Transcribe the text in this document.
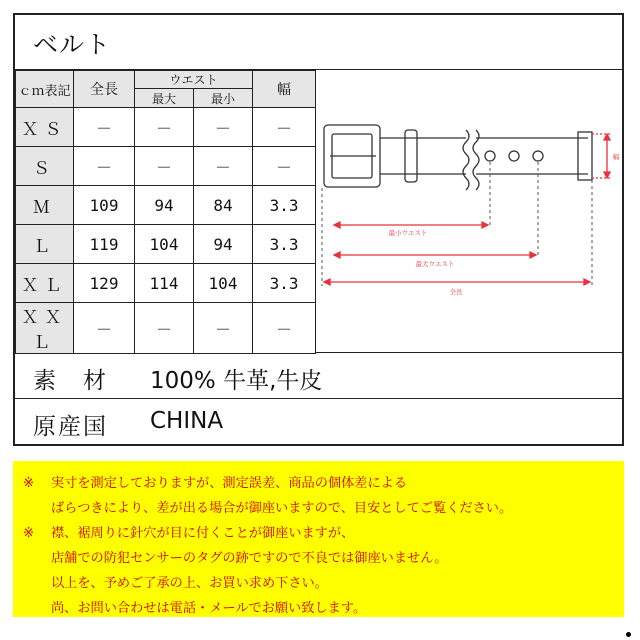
ベルト
ｃｍ表記	全長	ウエスト		幅
		最大	最小	
ＸＳ	－	－	－	－
Ｓ	－	－	－	－
Ｍ	109	94	84	3.3
Ｌ	119	104	94	3.3
ＸＬ	129	114	104	3.3
ＸＸＬ	－	－	－	－
最小ウエスト
最大ウエスト
全長
幅
素　材 100% 牛革,牛皮
原産国 CHINA
※ 実寸を測定しておりますが、測定誤差、商品の個体差による
ばらつきにより、差が出る場合が御座いますので、目安としてご覧ください。
※ 襟、裾周りに針穴が目に付くことが御座いますが、
店舗での防犯センサーのタグの跡ですので不良では御座いません。
以上を、予めご了承の上、お買い求め下さい。
尚、お問い合わせは電話・メールでお願い致します。
